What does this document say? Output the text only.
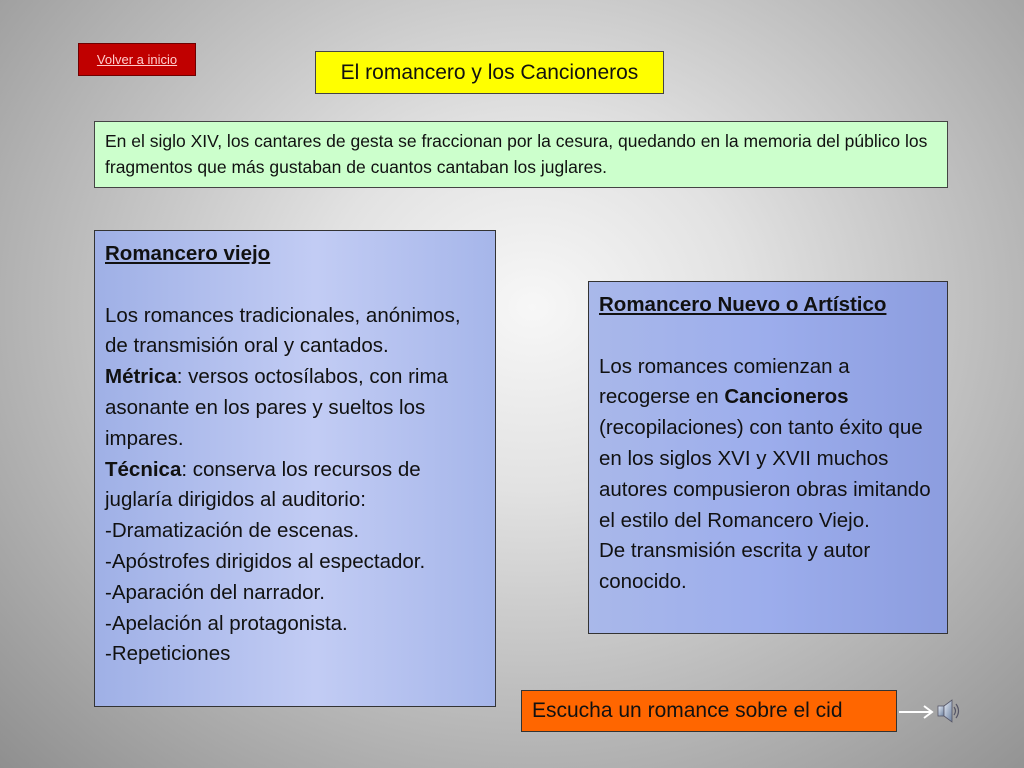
Volver a inicio
El romancero y los Cancioneros
En el siglo XIV, los cantares de gesta se fraccionan por la cesura, quedando en la memoria del público los fragmentos que más gustaban de cuantos cantaban los juglares.
Romancero viejo
Los romances tradicionales, anónimos, de transmisión oral y cantados.
Métrica: versos octosílabos, con rima asonante en los pares y sueltos los impares.
Técnica: conserva los recursos de juglaría dirigidos al auditorio:
-Dramatización de escenas.
-Apóstrofes dirigidos al espectador.
-Aparación del narrador.
-Apelación al protagonista.
-Repeticiones
Romancero Nuevo o Artístico
Los romances comienzan a recogerse en Cancioneros (recopilaciones) con tanto éxito que en los siglos XVI y XVII muchos autores compusieron obras imitando el estilo del Romancero Viejo.
De transmisión escrita y autor conocido.
Escucha un romance sobre el cid
